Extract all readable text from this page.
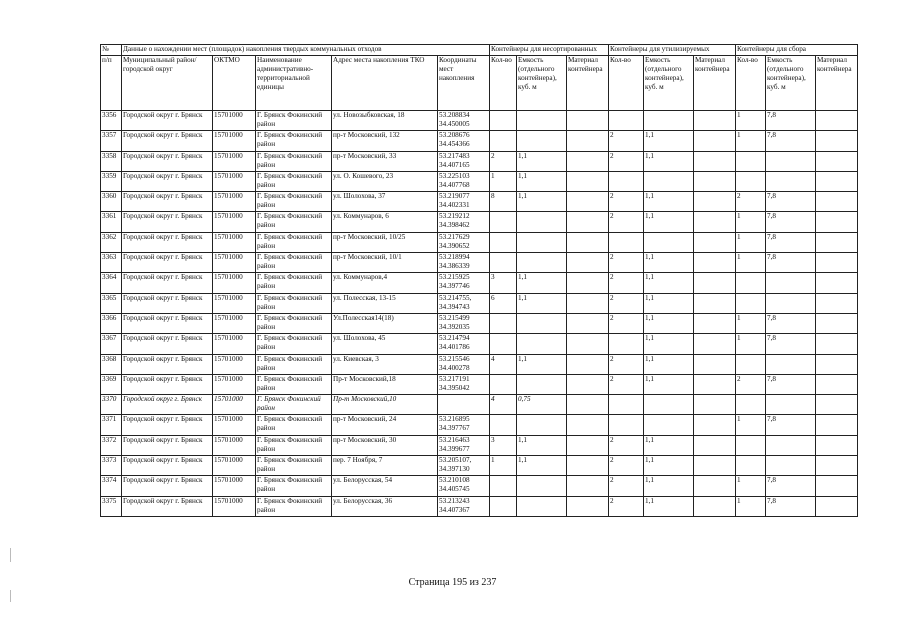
№	Данные о нахождении мест (площадок) накопления твердых коммунальных отходов					Контейнеры для несортированных			Контейнеры для утилизируемых			Контейнеры для сбора		
п/п	Муниципальный район/городской округ	ОКТМО	Наименование административно-территориальной единицы	Адрес места накопления ТКО	Координаты мест накопления	Кол-во	Емкость (отдельного контейнера), куб. м	Материал контейнера	Кол-во	Емкость (отдельного контейнера), куб. м	Материал контейнера	Кол-во	Емкость (отдельного контейнера), куб. м	Материал контейнера
3356	Городской округ г. Брянск	15701000	Г. Брянск Фокинский район	ул. Новозыбковская, 18	53.208834 34.450005							1	7,8	
3357	Городской округ г. Брянск	15701000	Г. Брянск Фокинский район	пр-т Московский, 132	53.208676 34.454366				2	1,1		1	7,8	
3358	Городской округ г. Брянск	15701000	Г. Брянск Фокинский район	пр-т Московский, 33	53.217483 34.407165	2	1,1		2	1,1				
3359	Городской округ г. Брянск	15701000	Г. Брянск Фокинский район	ул. О. Кошевого, 23	53.225103 34.407768	1	1,1							
3360	Городской округ г. Брянск	15701000	Г. Брянск Фокинский район	ул. Шолохова, 37	53.219077 34.402331	8	1,1		2	1,1		2	7,8	
3361	Городской округ г. Брянск	15701000	Г. Брянск Фокинский район	ул. Коммунаров, 6	53.219212 34.398462				2	1,1		1	7,8	
3362	Городской округ г. Брянск	15701000	Г. Брянск Фокинский район	пр-т Московский, 10/25	53.217629 34.390652							1	7,8	
3363	Городской округ г. Брянск	15701000	Г. Брянск Фокинский район	пр-т Московский, 10/1	53.218994 34.386339				2	1,1		1	7,8	
3364	Городской округ г. Брянск	15701000	Г. Брянск Фокинский район	ул. Коммунаров,4	53.215925 34.397746	3	1,1		2	1,1				
3365	Городской округ г. Брянск	15701000	Г. Брянск Фокинский район	ул. Полесская, 13-15	53.214755, 34.394743	6	1,1		2	1,1				
3366	Городской округ г. Брянск	15701000	Г. Брянск Фокинский район	Ул.Полесская14(18)	53.215499 34.392035				2	1,1		1	7,8	
3367	Городской округ г. Брянск	15701000	Г. Брянск Фокинский район	ул. Шолохова, 45	53.214794 34.401786					1,1		1	7,8	
3368	Городской округ г. Брянск	15701000	Г. Брянск Фокинский район	ул. Киевская, 3	53.215546 34.400278	4	1,1		2	1,1				
3369	Городской округ г. Брянск	15701000	Г. Брянск Фокинский район	Пр-т Московский,18	53.217191 34.395042				2	1,1		2	7,8	
3370	Городской округ г. Брянск	15701000	Г. Брянск Фокинский район	Пр-т Московский,10		4	0,75							
3371	Городской округ г. Брянск	15701000	Г. Брянск Фокинский район	пр-т Московский, 24	53.216895 34.397767							1	7,8	
3372	Городской округ г. Брянск	15701000	Г. Брянск Фокинский район	пр-т Московский, 30	53.216463 34.399677	3	1,1		2	1,1				
3373	Городской округ г. Брянск	15701000	Г. Брянск Фокинский район	пер. 7 Ноября, 7	53.205107, 34.397130	1	1,1		2	1,1				
3374	Городской округ г. Брянск	15701000	Г. Брянск Фокинский район	ул. Белорусская, 54	53.210108 34.405745				2	1,1		1	7,8	
3375	Городской округ г. Брянск	15701000	Г. Брянск Фокинский район	ул. Белорусская, 36	53.213243 34.407367				2	1,1		1	7,8	
Страница 195 из 237
